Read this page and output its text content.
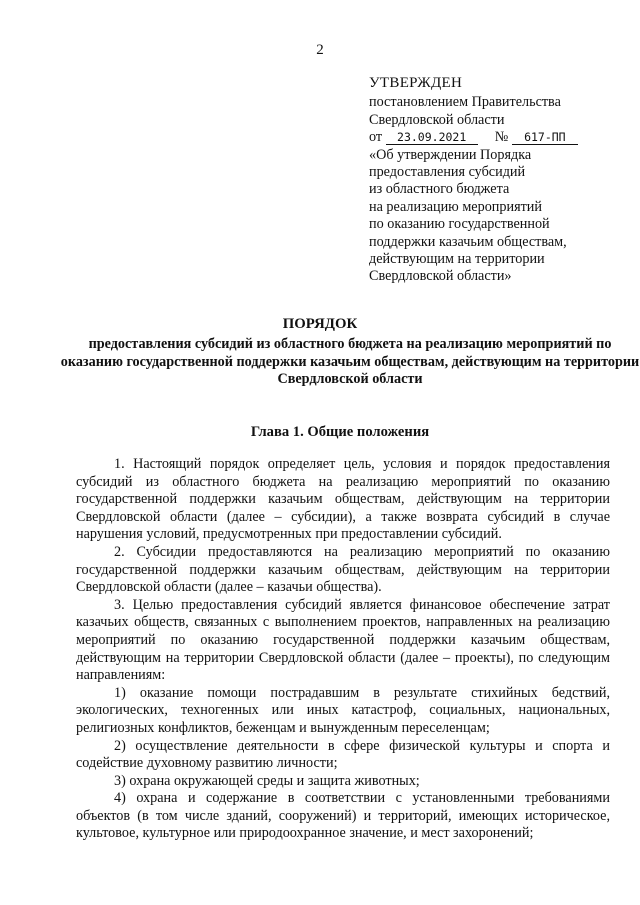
2
УТВЕРЖДЕН
постановлением Правительства
Свердловской области
от 23.09.2021 № 617-ПП
«Об утверждении Порядка
предоставления субсидий
из областного бюджета
на реализацию мероприятий
по оказанию государственной
поддержки казачьим обществам,
действующим на территории
Свердловской области»
ПОРЯДОК
предоставления субсидий из областного бюджета на реализацию мероприятий по оказанию государственной поддержки казачьим обществам, действующим на территории Свердловской области
Глава 1. Общие положения

1. Настоящий порядок определяет цель, условия и порядок предоставления субсидий из областного бюджета на реализацию мероприятий по оказанию государственной поддержки казачьим обществам, действующим на территории Свердловской области (далее – субсидии), а также возврата субсидий в случае нарушения условий, предусмотренных при предоставлении субсидий.

2. Субсидии предоставляются на реализацию мероприятий по оказанию государственной поддержки казачьим обществам, действующим на территории Свердловской области (далее – казачьи общества).

3. Целью предоставления субсидий является финансовое обеспечение затрат казачьих обществ, связанных с выполнением проектов, направленных на реализацию мероприятий по оказанию государственной поддержки казачьим обществам, действующим на территории Свердловской области (далее – проекты), по следующим направлениям:

1) оказание помощи пострадавшим в результате стихийных бедствий, экологических, техногенных или иных катастроф, социальных, национальных, религиозных конфликтов, беженцам и вынужденным переселенцам;

2) осуществление деятельности в сфере физической культуры и спорта и содействие духовному развитию личности;

3) охрана окружающей среды и защита животных;

4) охрана и содержание в соответствии с установленными требованиями объектов (в том числе зданий, сооружений) и территорий, имеющих историческое, культовое, культурное или природоохранное значение, и мест захоронений;
